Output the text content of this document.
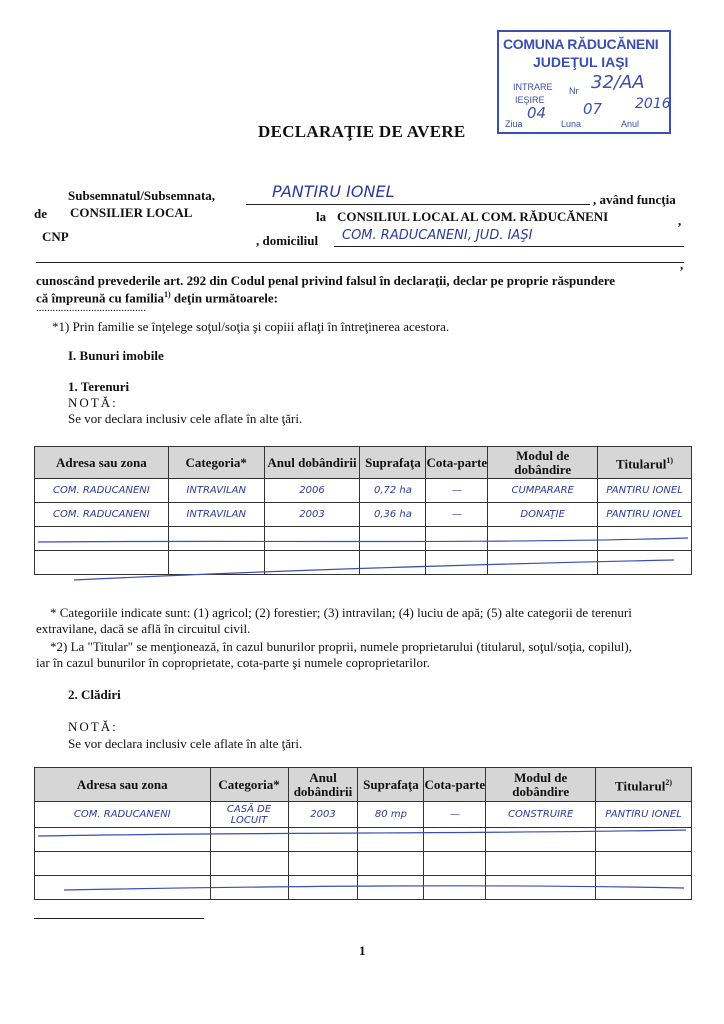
COMUNA RĂDUCĂNENI
JUDEŢUL IAŞI
INTRARE Nr
IEŞIRE
Ziua	Luna	Anul
32/AA
04 07 2016
DECLARAŢIE DE AVERE
Subsemnatul/Subsemnata,	PANTIRU IONEL	, având funcţia
de CONSILIER LOCAL	la CONSILIUL LOCAL AL COM. RĂDUCĂNENI	,
CNP	, domiciliul COM. RADUCANENI, JUD. IAŞI
,
cunoscând prevederile art. 292 din Codul penal privind falsul în declaraţii, declar pe proprie răspundere
că împreună cu familia$^{1)}$ deţin următoarele:
........................................
*1) Prin familie se înţelege soţul/soţia şi copiii aflaţi în întreţinerea acestora.
I. Bunuri imobile
1. Terenuri
NOTĂ:
Se vor declara inclusiv cele aflate în alte ţări.
Adresa sau zona	Categoria*	Anul dobândirii	Suprafaţa	Cota-parte	Modul de dobândire	Titularul$^{1)}$
COM. RADUCANENI	INTRAVILAN	2006	0,72 ha	—	CUMPARARE	PANTIRU IONEL
COM. RADUCANENI	INTRAVILAN	2003	0,36 ha	—	DONAŢIE	PANTIRU IONEL

* Categoriile indicate sunt: (1) agricol; (2) forestier; (3) intravilan; (4) luciu de apă; (5) alte categorii de terenuri
extravilane, dacă se află în circuitul civil.
*2) La "Titular" se menţionează, în cazul bunurilor proprii, numele proprietarului (titularul, soţul/soţia, copilul),
iar în cazul bunurilor în coproprietate, cota-parte şi numele coproprietarilor.
2. Clădiri
NOTĂ:
Se vor declara inclusiv cele aflate în alte ţări.
Adresa sau zona	Categoria*	Anul dobândirii	Suprafaţa	Cota-parte	Modul de dobândire	Titularul$^{2)}$
COM. RADUCANENI	CASĂ DE LOCUIT	2003	80 mp	—	CONSTRUIRE	PANTIRU IONEL

1
